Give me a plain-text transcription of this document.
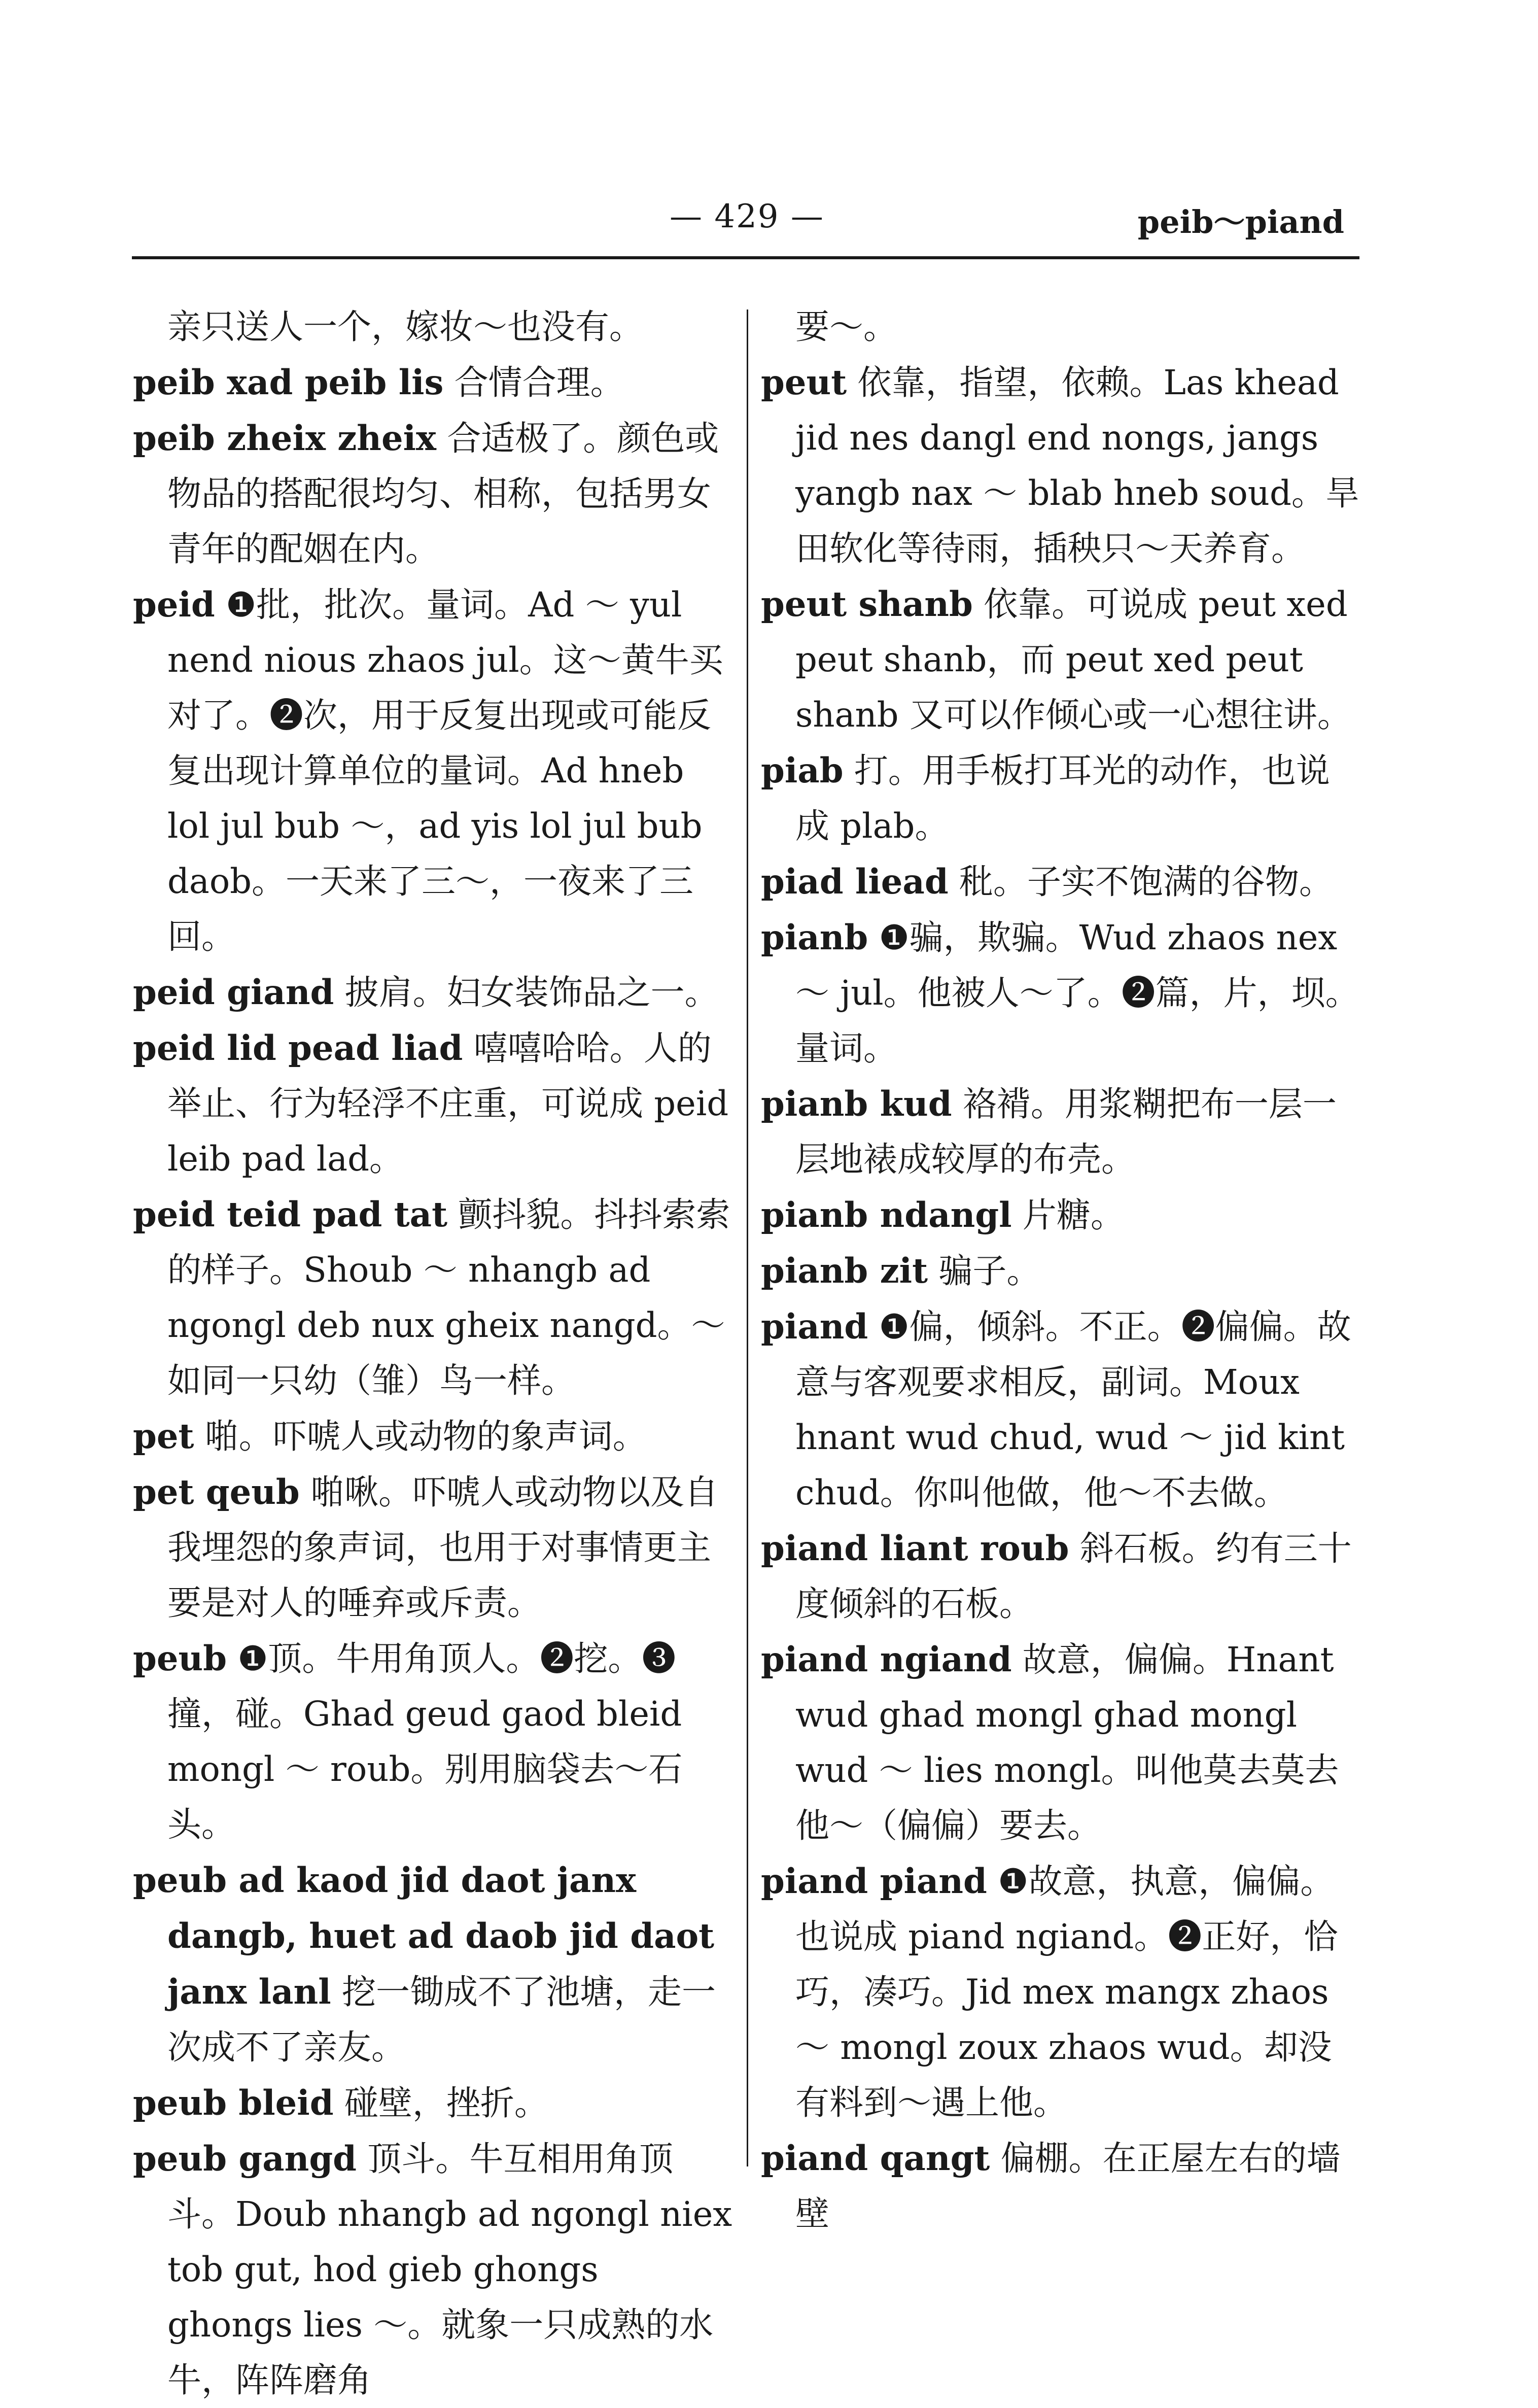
— 429 —	peib～piand
亲只送人一个，嫁妆～也没有。
peib xad peib lis 合情合理。
peib zheix zheix 合适极了。颜色或物品的搭配很均匀、相称，包括男女青年的配姻在内。
peid ❶批，批次。量词。Ad ～ yul nend nious zhaos jul。这～黄牛买对了。❷次，用于反复出现或可能反复出现计算单位的量词。Ad hneb lol jul bub ～，ad yis lol jul bub daob。一天来了三～，一夜来了三回。
peid giand 披肩。妇女装饰品之一。
peid lid pead liad 嘻嘻哈哈。人的举止、行为轻浮不庄重，可说成 peid leib pad lad。
peid teid pad tat 颤抖貌。抖抖索索的样子。Shoub ～ nhangb ad ngongl deb nux gheix nangd。～如同一只幼（雏）鸟一样。
pet 啪。吓唬人或动物的象声词。
pet qeub 啪啾。吓唬人或动物以及自我埋怨的象声词，也用于对事情更主要是对人的唾弃或斥责。
peub ❶顶。牛用角顶人。❷挖。❸撞，碰。Ghad geud gaod bleid mongl ～ roub。别用脑袋去～石头。
peub ad kaod jid daot janx dangb, huet ad daob jid daot janx lanl 挖一锄成不了池塘，走一次成不了亲友。
peub bleid 碰壁，挫折。
peub gangd 顶斗。牛互相用角顶斗。Doub nhangb ad ngongl niex tob gut, hod gieb ghongs ghongs lies ～。就象一只成熟的水牛，阵阵磨角
要～。
peut 依靠，指望，依赖。Las khead jid nes dangl end nongs, jangs yangb nax ～ blab hneb soud。旱田软化等待雨，插秧只～天养育。
peut shanb 依靠。可说成 peut xed peut shanb，而 peut xed peut shanb 又可以作倾心或一心想往讲。
piab 打。用手板打耳光的动作，也说成 plab。
piad liead 秕。子实不饱满的谷物。
pianb ❶骗，欺骗。Wud zhaos nex ～ jul。他被人～了。❷篇，片，坝。量词。
pianb kud 袼褙。用浆糊把布一层一层地裱成较厚的布壳。
pianb ndangl 片糖。
pianb zit 骗子。
piand ❶偏，倾斜。不正。❷偏偏。故意与客观要求相反，副词。Moux hnant wud chud, wud ～ jid kint chud。你叫他做，他～不去做。
piand liant roub 斜石板。约有三十度倾斜的石板。
piand ngiand 故意，偏偏。Hnant wud ghad mongl ghad mongl wud ～ lies mongl。叫他莫去莫去他～（偏偏）要去。
piand piand ❶故意，执意，偏偏。也说成 piand ngiand。❷正好，恰巧，凑巧。Jid mex mangx zhaos ～ mongl zoux zhaos wud。却没有料到～遇上他。
piand qangt 偏棚。在正屋左右的墙壁
